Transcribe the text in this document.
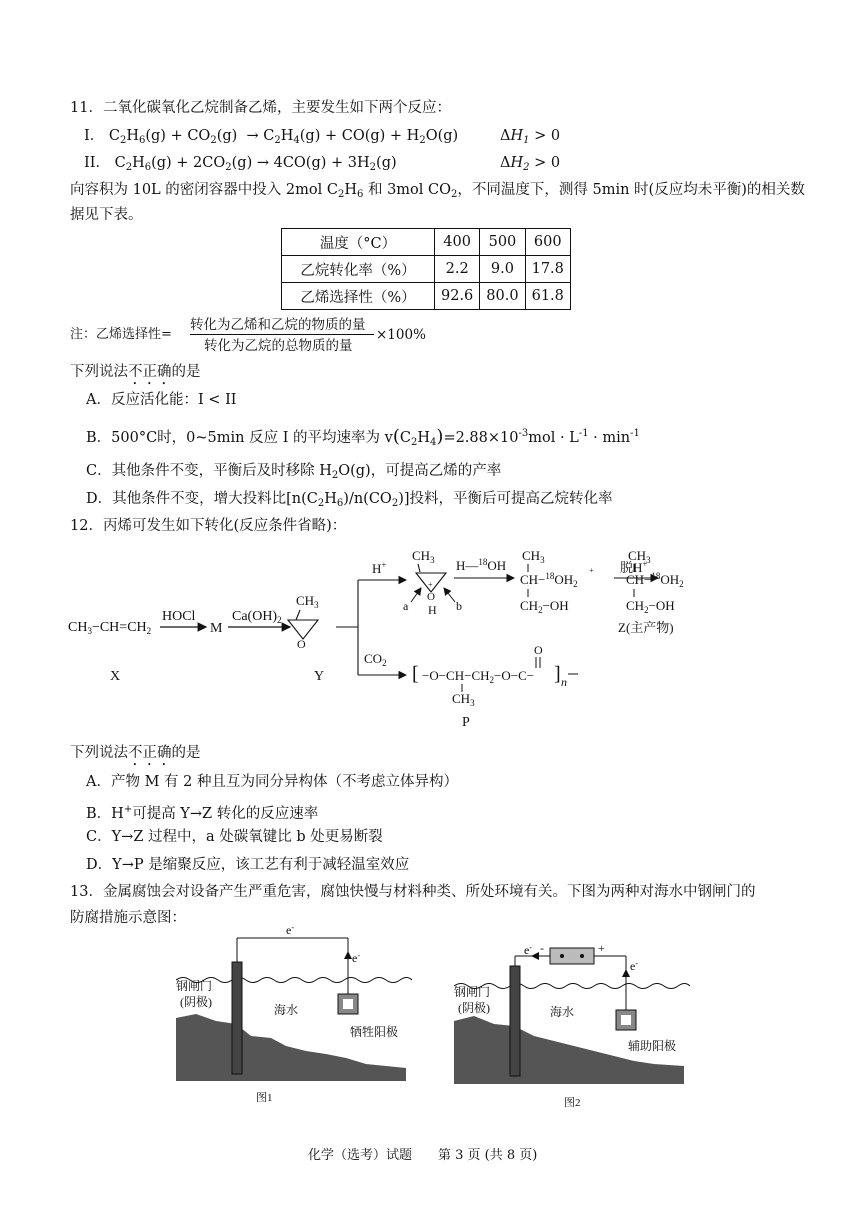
11．二氧化碳氧化乙烷制备乙烯，主要发生如下两个反应：
I． $C_2H_6(g) + CO_2(g) \to C_2H_4(g) + CO(g) + H_2O(g)$	$\Delta H_1 > 0$
II． $C_2H_6(g) + 2CO_2(g) \to 4CO(g) + 3H_2(g)$	$\Delta H_2 > 0$
向容积为 10L 的密闭容器中投入 2mol $C_2H_6$ 和 3mol $CO_2$，不同温度下，测得 5min 时(反应均未平衡)的相关数
据见下表。
温度（°C）	400	500	600
乙烷转化率（%）	2.2	9.0	17.8
乙烯选择性（%）	92.6	80.0	61.8
注：乙烯选择性=
转化为乙烯和乙烷的物质的量
转化为乙烷的总物质的量
×100%
下列说法不正确的是
A．反应活化能：I < II
B．500°C时，0~5min 反应 I 的平均速率为 $v(C_2H_4)=2.88\times 10^{-3}mol \cdot L^{-1} \cdot \min^{-1}$
C．其他条件不变，平衡后及时移除 $H_2O(g)$，可提高乙烯的产率
D．其他条件不变，增大投料比$[n(C_2H_6)/n(CO_2)]$投料，平衡后可提高乙烷转化率
12．丙烯可发生如下转化(反应条件省略)：
$CH_3-CH=CH_2$
X
HOCl
M
$Ca(OH)_2$
$CH_3$
O
Y
H+
$CO_2$
$CH_3$
O
+
H
a	b
H—$^{18}$OH
$CH_3$
$CH-^{18}OH_2$
+
$CH_2-OH$
脱H+
$CH_3$
$CH-^{18}OH_2$
$CH_2-OH$
Z(主产物)
[ $-O-CH-CH_2-O-C-$
$CH_3$
O
] n
P
下列说法不正确的是
A．产物 M 有 2 种且互为同分异构体（不考虑立体异构）
B．H+可提高 Y→Z 转化的反应速率
C．Y→Z 过程中，a 处碳氧键比 b 处更易断裂
D．Y→P 是缩聚反应，该工艺有利于减轻温室效应
13．金属腐蚀会对设备产生严重危害，腐蚀快慢与材料种类、所处环境有关。下图为两种对海水中钢闸门的
防腐措施示意图：
e-
e-
钢闸门
(阴极)
海水
牺牲阳极
图1
e- -	+
e-
钢闸门
(阴极)	海水
辅助阳极
图2
化学（选考）试题　　第 3 页 (共 8 页)
